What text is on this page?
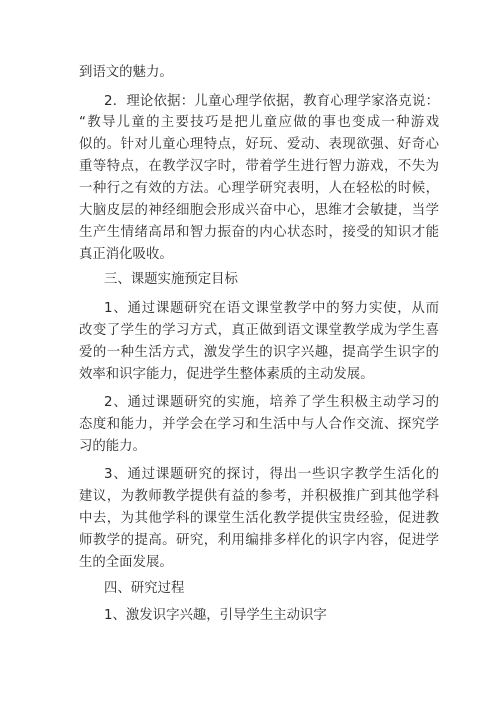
到语文的魅力。
2．理论依据：儿童心理学依据，教育心理学家洛克说：
“教导儿童的主要技巧是把儿童应做的事也变成一种游戏
似的。针对儿童心理特点，好玩、爱动、表现欲强、好奇心
重等特点，在教学汉字时，带着学生进行智力游戏，不失为
一种行之有效的方法。心理学研究表明，人在轻松的时候，
大脑皮层的神经细胞会形成兴奋中心，思维才会敏捷，当学
生产生情绪高昂和智力振奋的内心状态时，接受的知识才能
真正消化吸收。
三、课题实施预定目标
1、通过课题研究在语文课堂教学中的努力实使，从而
改变了学生的学习方式，真正做到语文课堂教学成为学生喜
爱的一种生活方式，激发学生的识字兴趣，提高学生识字的
效率和识字能力，促进学生整体素质的主动发展。
2、通过课题研究的实施，培养了学生积极主动学习的
态度和能力，并学会在学习和生活中与人合作交流、探究学
习的能力。
3、通过课题研究的探讨，得出一些识字教学生活化的
建议，为教师教学提供有益的参考，并积极推广到其他学科
中去，为其他学科的课堂生活化教学提供宝贵经验，促进教
师教学的提高。研究，利用编排多样化的识字内容，促进学
生的全面发展。
四、研究过程
1、激发识字兴趣，引导学生主动识字
